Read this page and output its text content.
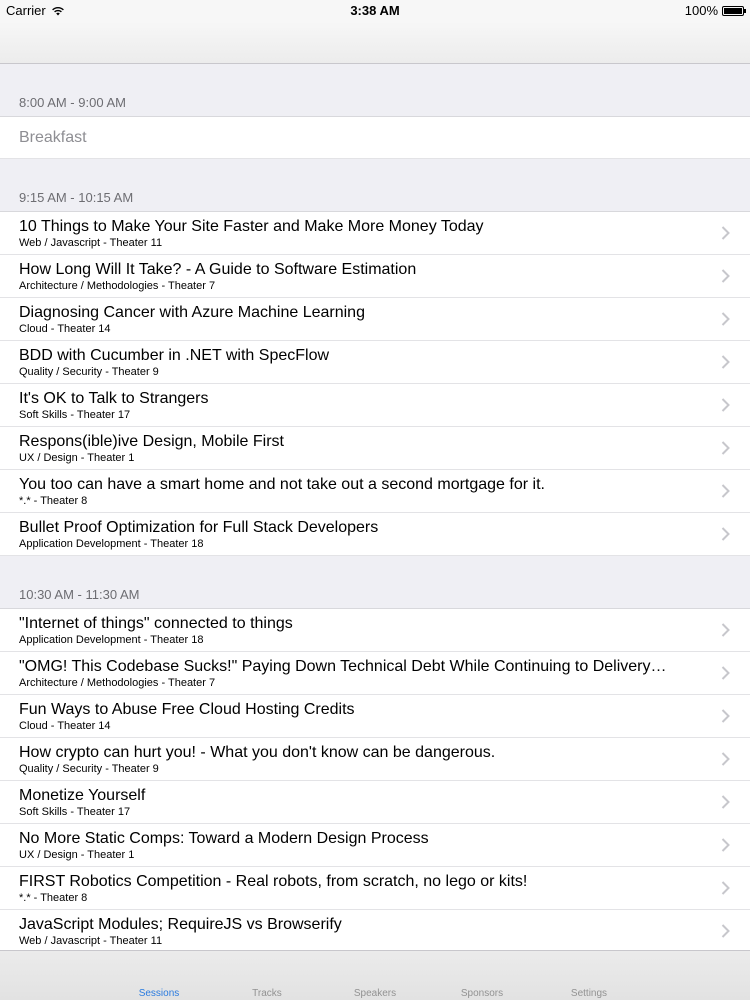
Carrier	3:38 AM	100%
8:00 AM - 9:00 AM
Breakfast
9:15 AM - 10:15 AM
10 Things to Make Your Site Faster and Make More Money Today
Web / Javascript - Theater 11
How Long Will It Take? - A Guide to Software Estimation
Architecture / Methodologies - Theater 7
Diagnosing Cancer with Azure Machine Learning
Cloud - Theater 14
BDD with Cucumber in .NET with SpecFlow
Quality / Security - Theater 9
It's OK to Talk to Strangers
Soft Skills - Theater 17
Respons(ible)ive Design, Mobile First
UX / Design - Theater 1
You too can have a smart home and not take out a second mortgage for it.
*.* - Theater 8
Bullet Proof Optimization for Full Stack Developers
Application Development - Theater 18
10:30 AM - 11:30 AM
"Internet of things" connected to things
Application Development - Theater 18
"OMG! This Codebase Sucks!" Paying Down Technical Debt While Continuing to Delivery…
Architecture / Methodologies - Theater 7
Fun Ways to Abuse Free Cloud Hosting Credits
Cloud - Theater 14
How crypto can hurt you! - What you don't know can be dangerous.
Quality / Security - Theater 9
Monetize Yourself
Soft Skills - Theater 17
No More Static Comps: Toward a Modern Design Process
UX / Design - Theater 1
FIRST Robotics Competition - Real robots, from scratch, no lego or kits!
*.* - Theater 8
JavaScript Modules; RequireJS vs Browserify
Web / Javascript - Theater 11
Sessions	Tracks	Speakers	Sponsors	Settings
